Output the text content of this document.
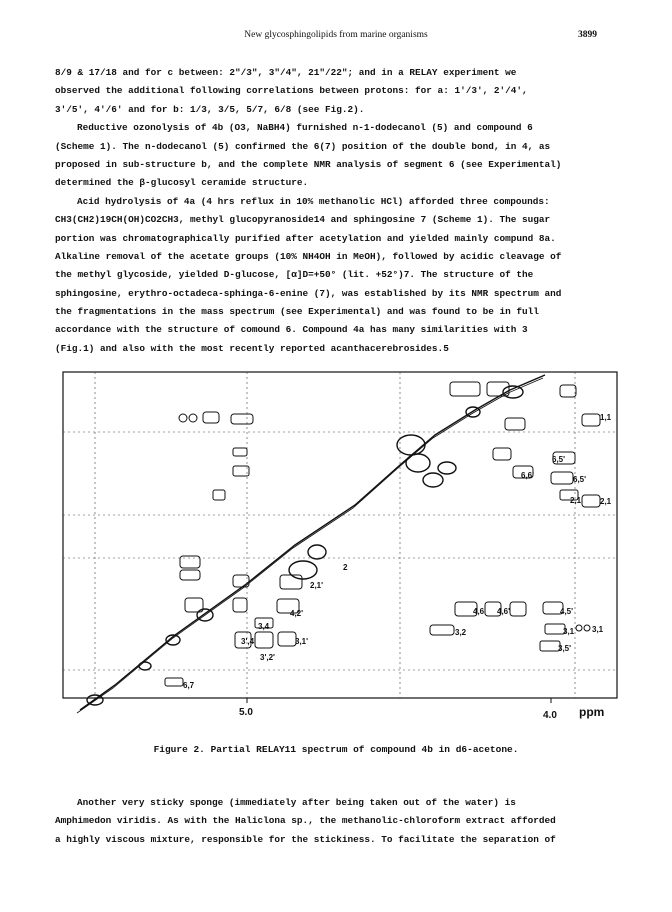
New glycosphingolipids from marine organisms	3899
8/9 & 17/18 and for c between: 2"/3", 3"/4", 21"/22"; and in a RELAY experiment we
observed the additional following correlations between protons: for a: 1'/3', 2'/4',
3'/5', 4'/6' and for b: 1/3, 3/5, 5/7, 6/8 (see Fig.2).
Reductive ozonolysis of 4b (O3, NaBH4) furnished n-1-dodecanol (5) and compound 6
(Scheme 1). The n-dodecanol (5) confirmed the 6(7) position of the double bond, in 4, as
proposed in sub-structure b, and the complete NMR analysis of segment 6 (see Experimental)
determined the β-glucosyl ceramide structure.
Acid hydrolysis of 4a (4 hrs reflux in 10% methanolic HCl) afforded three compounds:
CH3(CH2)19CH(OH)CO2CH3, methyl glucopyranoside14 and sphingosine 7 (Scheme 1). The sugar
portion was chromatographically purified after acetylation and yielded mainly compund 8a.
Alkaline removal of the acetate groups (10% NH4OH in MeOH), followed by acidic cleavage of
the methyl glycoside, yielded D-glucose, [α]D=+50° (lit. +52°)7. The structure of the
sphingosine, erythro-octadeca-sphinga-6-enine (7), was established by its NMR spectrum and
the fragmentations in the mass spectrum (see Experimental) and was found to be in full
accordance with the structure of comound 6. Compound 4a has many similarities with 3
(Fig.1) and also with the most recently reported acanthacerebrosides.5
1,1
6,5'
6,6'	6,5'
2,1 2,1
2,1'
4,2'
3,4
3',4'	3,1'
3',2'
4,6 4,6'	4,5'
3,2	3,1 3,1
3,5'
6,7
2
5.0	4.0 ppm
Figure 2. Partial RELAY11 spectrum of compound 4b in d6-acetone.
Another very sticky sponge (immediately after being taken out of the water) is
Amphimedon viridis. As with the Haliclona sp., the methanolic-chloroform extract afforded
a highly viscous mixture, responsible for the stickiness. To facilitate the separation of
